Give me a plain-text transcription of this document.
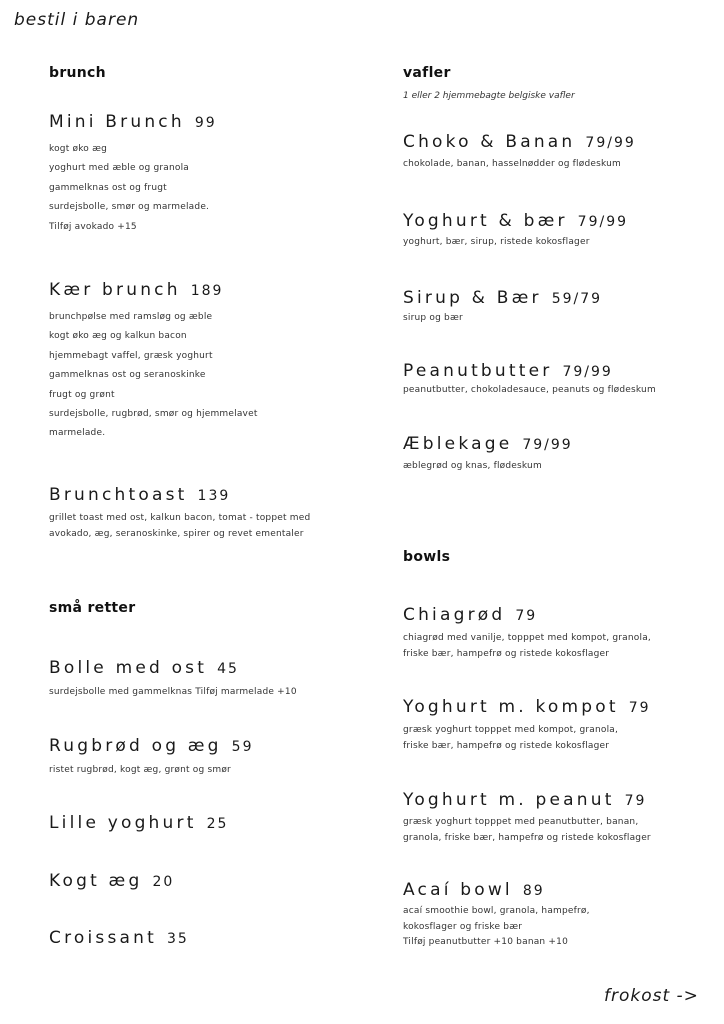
bestil i baren
frokost ->
brunch
Mini Brunch 99
kogt øko æg
yoghurt med æble og granola
gammelknas ost og frugt
surdejsbolle, smør og marmelade.
Tilføj avokado +15
Kær brunch 189
brunchpølse med ramsløg og æble
kogt øko æg og kalkun bacon
hjemmebagt vaffel, græsk yoghurt
gammelknas ost og seranoskinke
frugt og grønt
surdejsbolle, rugbrød, smør og hjemmelavet
marmelade.
Brunchtoast 139
grillet toast med ost, kalkun bacon, tomat - toppet med
avokado, æg, seranoskinke, spirer og revet ementaler
små retter
Bolle med ost 45
surdejsbolle med gammelknas Tilføj marmelade +10
Rugbrød og æg 59
ristet rugbrød, kogt æg, grønt og smør
Lille yoghurt 25
Kogt æg 20
Croissant 35
vafler
1 eller 2 hjemmebagte belgiske vafler
Choko & Banan 79/99
chokolade, banan, hasselnødder og flødeskum
Yoghurt & bær 79/99
yoghurt, bær, sirup, ristede kokosflager
Sirup & Bær 59/79
sirup og bær
Peanutbutter 79/99
peanutbutter, chokoladesauce, peanuts og flødeskum
Æblekage 79/99
æblegrød og knas, flødeskum
bowls
Chiagrød 79
chiagrød med vanilje, topppet med kompot, granola,
friske bær, hampefrø og ristede kokosflager
Yoghurt m. kompot 79
græsk yoghurt topppet med kompot, granola,
friske bær, hampefrø og ristede kokosflager
Yoghurt m. peanut 79
græsk yoghurt topppet med peanutbutter, banan,
granola, friske bær, hampefrø og ristede kokosflager
Acaí bowl 89
acaí smoothie bowl, granola, hampefrø,
kokosflager og friske bær
Tilføj peanutbutter +10 banan +10
